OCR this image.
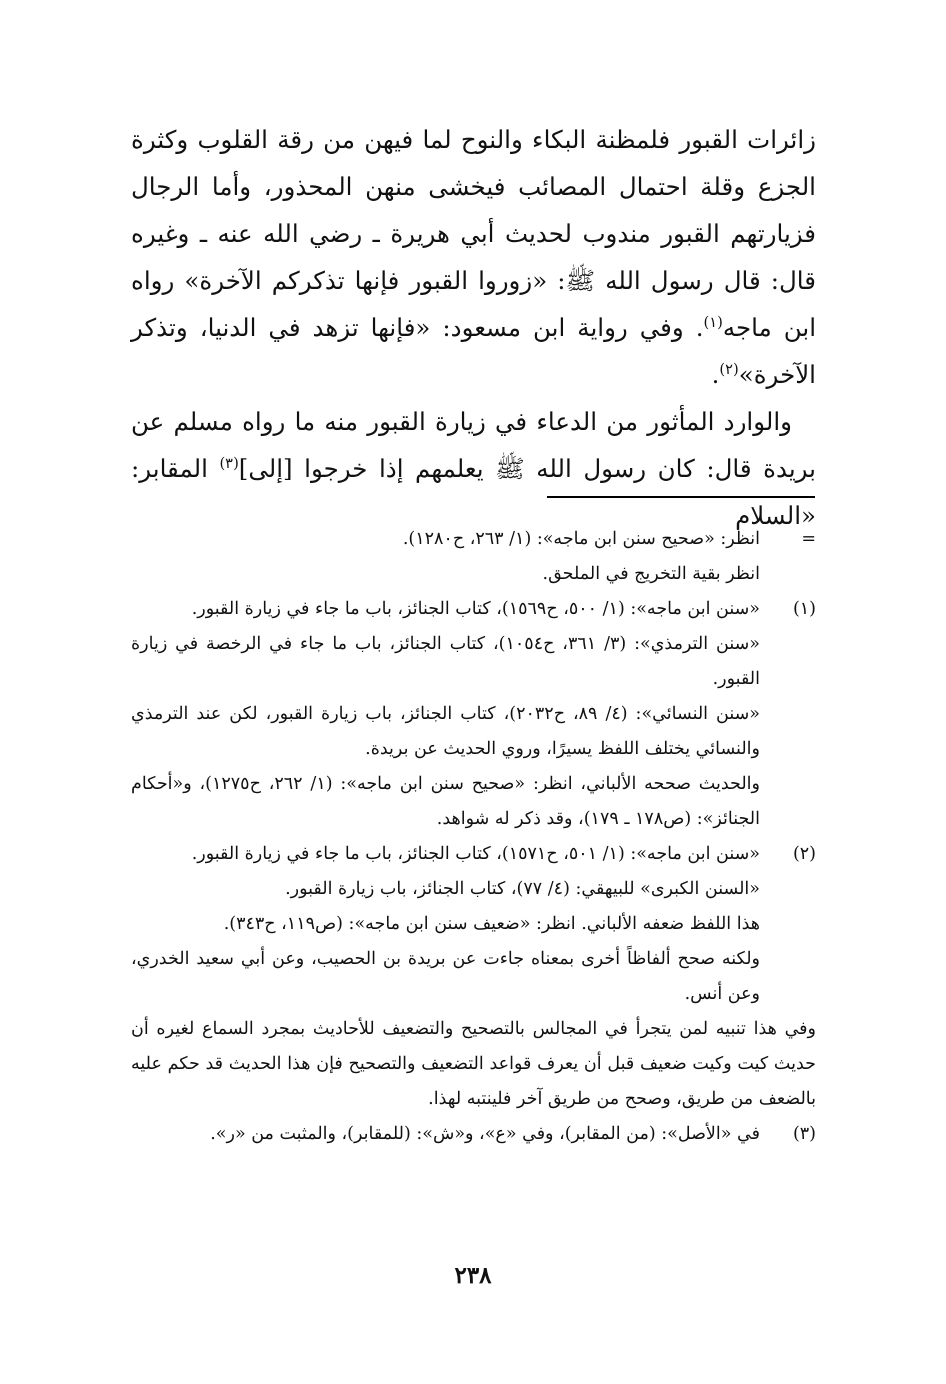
زائرات القبور فلمظنة البكاء والنوح لما فيهن من رقة القلوب وكثرة الجزع وقلة احتمال المصائب فيخشى منهن المحذور، وأما الرجال فزيارتهم القبور مندوب لحديث أبي هريرة ـ رضي الله عنه ـ وغيره قال: قال رسول الله ﷺ: «زوروا القبور فإنها تذكركم الآخرة» رواه ابن ماجه$^{(١)}$. وفي رواية ابن مسعود: «فإنها تزهد في الدنيا، وتذكر الآخرة»$^{(٢)}$.

والوارد المأثور من الدعاء في زيارة القبور منه ما رواه مسلم عن بريدة قال: كان رسول الله ﷺ يعلمهم إذا خرجوا [إلى]$^{(٣)}$ المقابر: «السلام

=

انظر: «صحيح سنن ابن ماجه»: (١/ ٢٦٣، ح١٢٨٠).

انظر بقية التخريج في الملحق.

(١)

«سنن ابن ماجه»: (١/ ٥٠٠، ح١٥٦٩)، كتاب الجنائز، باب ما جاء في زيارة القبور.

«سنن الترمذي»: (٣/ ٣٦١، ح١٠٥٤)، كتاب الجنائز، باب ما جاء في الرخصة في زيارة القبور.

«سنن النسائي»: (٤/ ٨٩، ح٢٠٣٢)، كتاب الجنائز، باب زيارة القبور، لكن عند الترمذي والنسائي يختلف اللفظ يسيرًا، وروي الحديث عن بريدة.

والحديث صححه الألباني، انظر: «صحيح سنن ابن ماجه»: (١/ ٢٦٢، ح١٢٧٥)، و«أحكام الجنائز»: (ص١٧٨ ـ ١٧٩)، وقد ذكر له شواهد.

(٢)

«سنن ابن ماجه»: (١/ ٥٠١، ح١٥٧١)، كتاب الجنائز، باب ما جاء في زيارة القبور.

«السنن الكبرى» للبيهقي: (٤/ ٧٧)، كتاب الجنائز، باب زيارة القبور.

هذا اللفظ ضعفه الألباني. انظر: «ضعيف سنن ابن ماجه»: (ص١١٩، ح٣٤٣).

ولكنه صحح ألفاظاً أخرى بمعناه جاءت عن بريدة بن الحصيب، وعن أبي سعيد الخدري، وعن أنس.

وفي هذا تنبيه لمن يتجرأ في المجالس بالتصحيح والتضعيف للأحاديث بمجرد السماع لغيره أن حديث كيت وكيت ضعيف قبل أن يعرف قواعد التضعيف والتصحيح فإن هذا الحديث قد حكم عليه بالضعف من طريق، وصحح من طريق آخر فلينتبه لهذا.

(٣)

في «الأصل»: (من المقابر)، وفي «ع»، و«ش»: (للمقابر)، والمثبت من «ر».

٢٣٨
